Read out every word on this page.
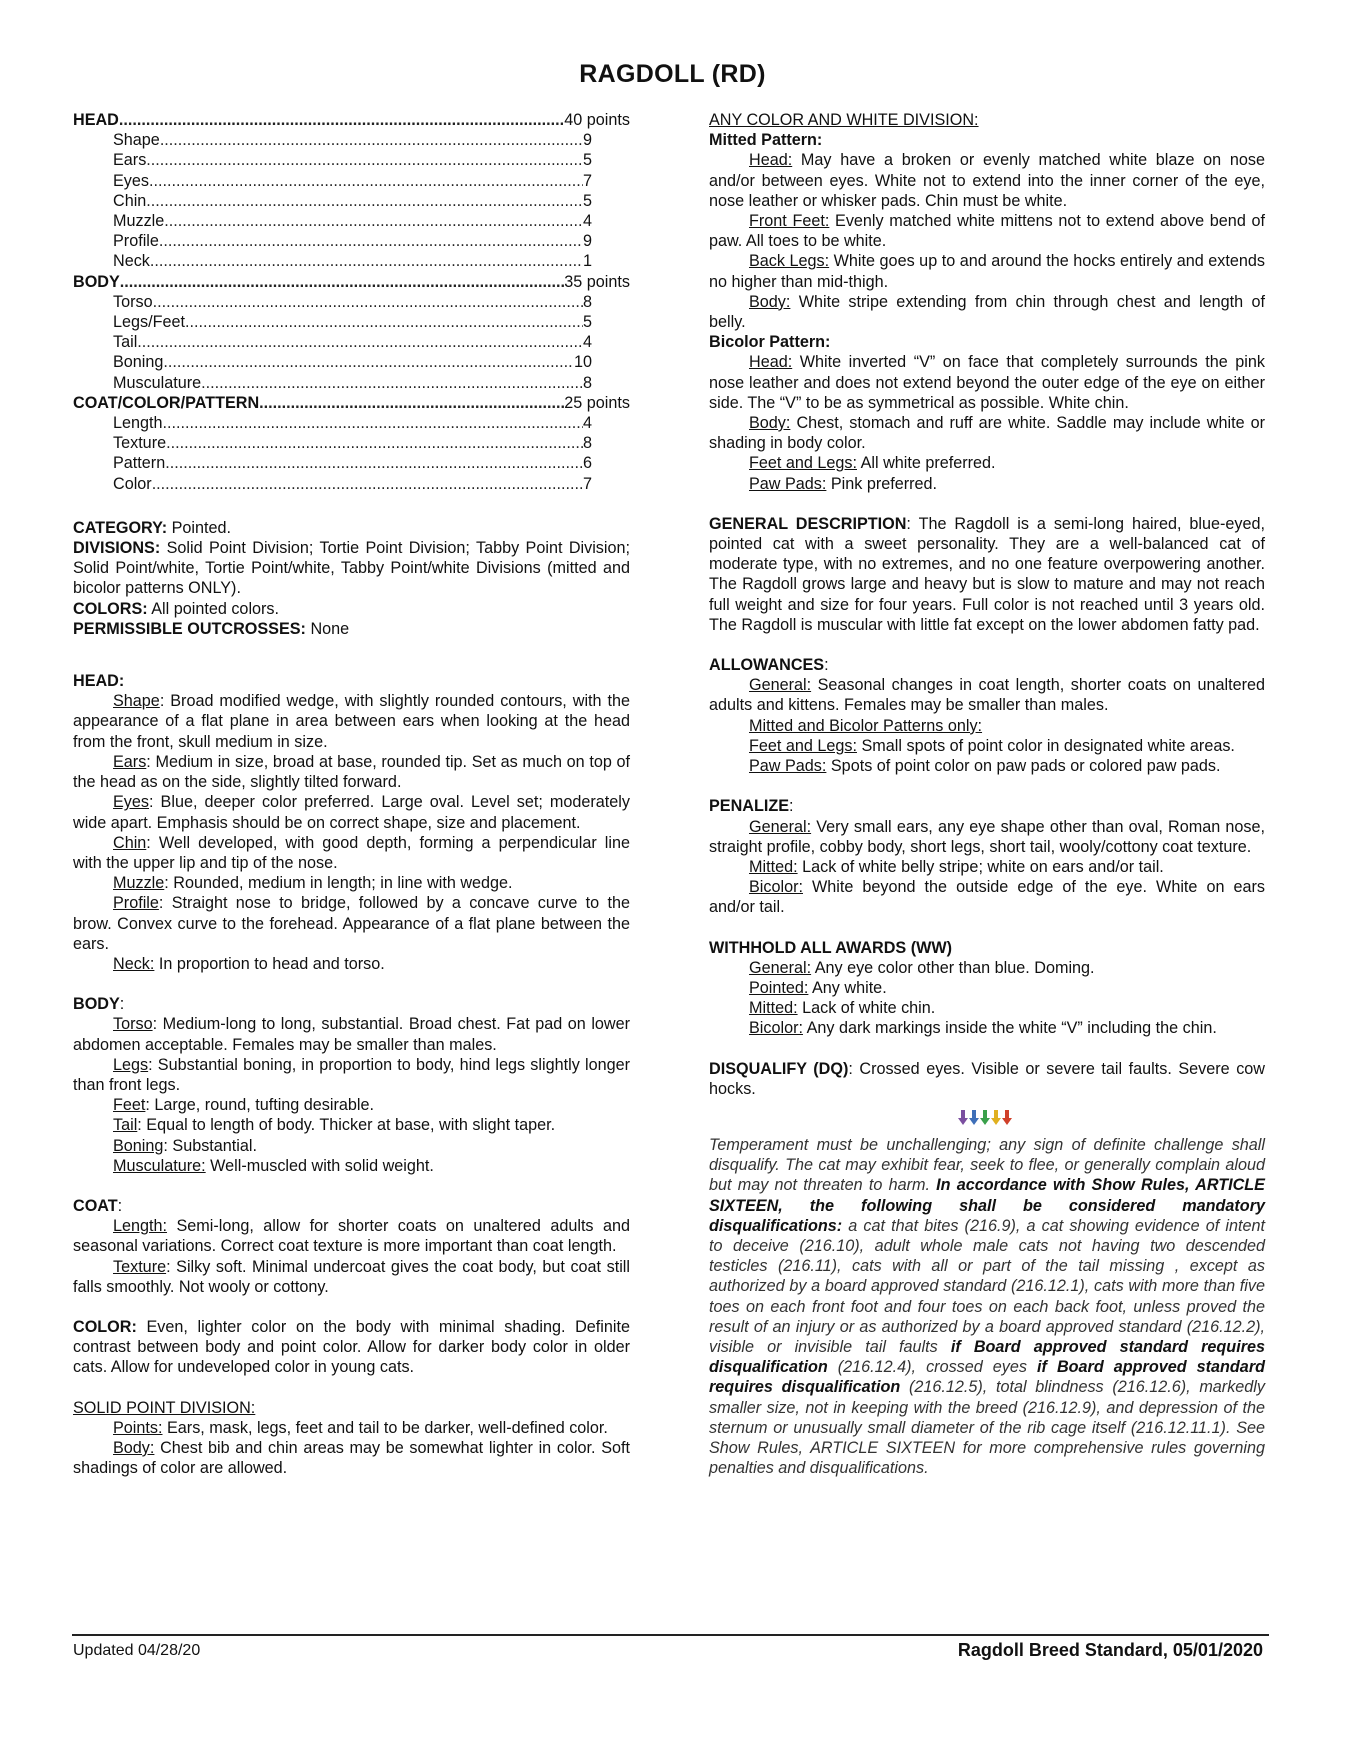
RAGDOLL (RD)
HEAD .....	40 points
Shape .....	9
Ears .....	5
Eyes .....	7
Chin .....	5
Muzzle .....	4
Profile .....	9
Neck .....	1
BODY .....	35 points
Torso .....	8
Legs/Feet .....	5
Tail .....	4
Boning .....	10
Musculature .....	8
COAT/COLOR/PATTERN .....	25 points
Length .....	4
Texture .....	8
Pattern .....	6
Color .....	7

CATEGORY: Pointed.

DIVISIONS: Solid Point Division; Tortie Point Division; Tabby Point Division; Solid Point/white, Tortie Point/white, Tabby Point/white Divisions (mitted and bicolor patterns ONLY).

COLORS: All pointed colors.

PERMISSIBLE OUTCROSSES: None

HEAD:

Shape: Broad modified wedge, with slightly rounded contours, with the appearance of a flat plane in area between ears when looking at the head from the front, skull medium in size.

Ears: Medium in size, broad at base, rounded tip. Set as much on top of the head as on the side, slightly tilted forward.

Eyes: Blue, deeper color preferred. Large oval. Level set; moderately wide apart. Emphasis should be on correct shape, size and placement.

Chin: Well developed, with good depth, forming a perpendicular line with the upper lip and tip of the nose.

Muzzle: Rounded, medium in length; in line with wedge.

Profile: Straight nose to bridge, followed by a concave curve to the brow. Convex curve to the forehead. Appearance of a flat plane between the ears.

Neck: In proportion to head and torso.

BODY:

Torso: Medium-long to long, substantial. Broad chest. Fat pad on lower abdomen acceptable. Females may be smaller than males.

Legs: Substantial boning, in proportion to body, hind legs slightly longer than front legs.

Feet: Large, round, tufting desirable.

Tail: Equal to length of body. Thicker at base, with slight taper.

Boning: Substantial.

Musculature: Well-muscled with solid weight.

COAT:

Length: Semi-long, allow for shorter coats on unaltered adults and seasonal variations. Correct coat texture is more important than coat length.

Texture: Silky soft. Minimal undercoat gives the coat body, but coat still falls smoothly. Not wooly or cottony.

COLOR: Even, lighter color on the body with minimal shading. Definite contrast between body and point color. Allow for darker body color in older cats. Allow for undeveloped color in young cats.

SOLID POINT DIVISION:

Points: Ears, mask, legs, feet and tail to be darker, well-defined color.

Body: Chest bib and chin areas may be somewhat lighter in color. Soft shadings of color are allowed.

ANY COLOR AND WHITE DIVISION:

Mitted Pattern:

Head: May have a broken or evenly matched white blaze on nose and/or between eyes. White not to extend into the inner corner of the eye, nose leather or whisker pads. Chin must be white.

Front Feet: Evenly matched white mittens not to extend above bend of paw. All toes to be white.

Back Legs: White goes up to and around the hocks entirely and extends no higher than mid-thigh.

Body: White stripe extending from chin through chest and length of belly.

Bicolor Pattern:

Head: White inverted “V” on face that completely surrounds the pink nose leather and does not extend beyond the outer edge of the eye on either side. The “V” to be as symmetrical as possible. White chin.

Body: Chest, stomach and ruff are white. Saddle may include white or shading in body color.

Feet and Legs: All white preferred.

Paw Pads: Pink preferred.

GENERAL DESCRIPTION: The Ragdoll is a semi-long haired, blue-eyed, pointed cat with a sweet personality. They are a well-balanced cat of moderate type, with no extremes, and no one feature overpowering another. The Ragdoll grows large and heavy but is slow to mature and may not reach full weight and size for four years. Full color is not reached until 3 years old. The Ragdoll is muscular with little fat except on the lower abdomen fatty pad.

ALLOWANCES:

General: Seasonal changes in coat length, shorter coats on unaltered adults and kittens. Females may be smaller than males.

Mitted and Bicolor Patterns only:

Feet and Legs: Small spots of point color in designated white areas.

Paw Pads: Spots of point color on paw pads or colored paw pads.

PENALIZE:

General: Very small ears, any eye shape other than oval, Roman nose, straight profile, cobby body, short legs, short tail, wooly/cottony coat texture.

Mitted: Lack of white belly stripe; white on ears and/or tail.

Bicolor: White beyond the outside edge of the eye. White on ears and/or tail.

WITHHOLD ALL AWARDS (WW)

General: Any eye color other than blue. Doming.

Pointed: Any white.

Mitted: Lack of white chin.

Bicolor: Any dark markings inside the white “V” including the chin.

DISQUALIFY (DQ): Crossed eyes. Visible or severe tail faults. Severe cow hocks.

Temperament must be unchallenging; any sign of definite challenge shall disqualify. The cat may exhibit fear, seek to flee, or generally complain aloud but may not threaten to harm. In accordance with Show Rules, ARTICLE SIXTEEN, the following shall be considered mandatory disqualifications: a cat that bites (216.9), a cat showing evidence of intent to deceive (216.10), adult whole male cats not having two descended testicles (216.11), cats with all or part of the tail missing , except as authorized by a board approved standard (216.12.1), cats with more than five toes on each front foot and four toes on each back foot, unless proved the result of an injury or as authorized by a board approved standard (216.12.2), visible or invisible tail faults if Board approved standard requires disqualification (216.12.4), crossed eyes if Board approved standard requires disqualification (216.12.5), total blindness (216.12.6), markedly smaller size, not in keeping with the breed (216.12.9), and depression of the sternum or unusually small diameter of the rib cage itself (216.12.11.1). See Show Rules, ARTICLE SIXTEEN for more comprehensive rules governing penalties and disqualifications.

Updated 04/28/20	Ragdoll Breed Standard, 05/01/2020
